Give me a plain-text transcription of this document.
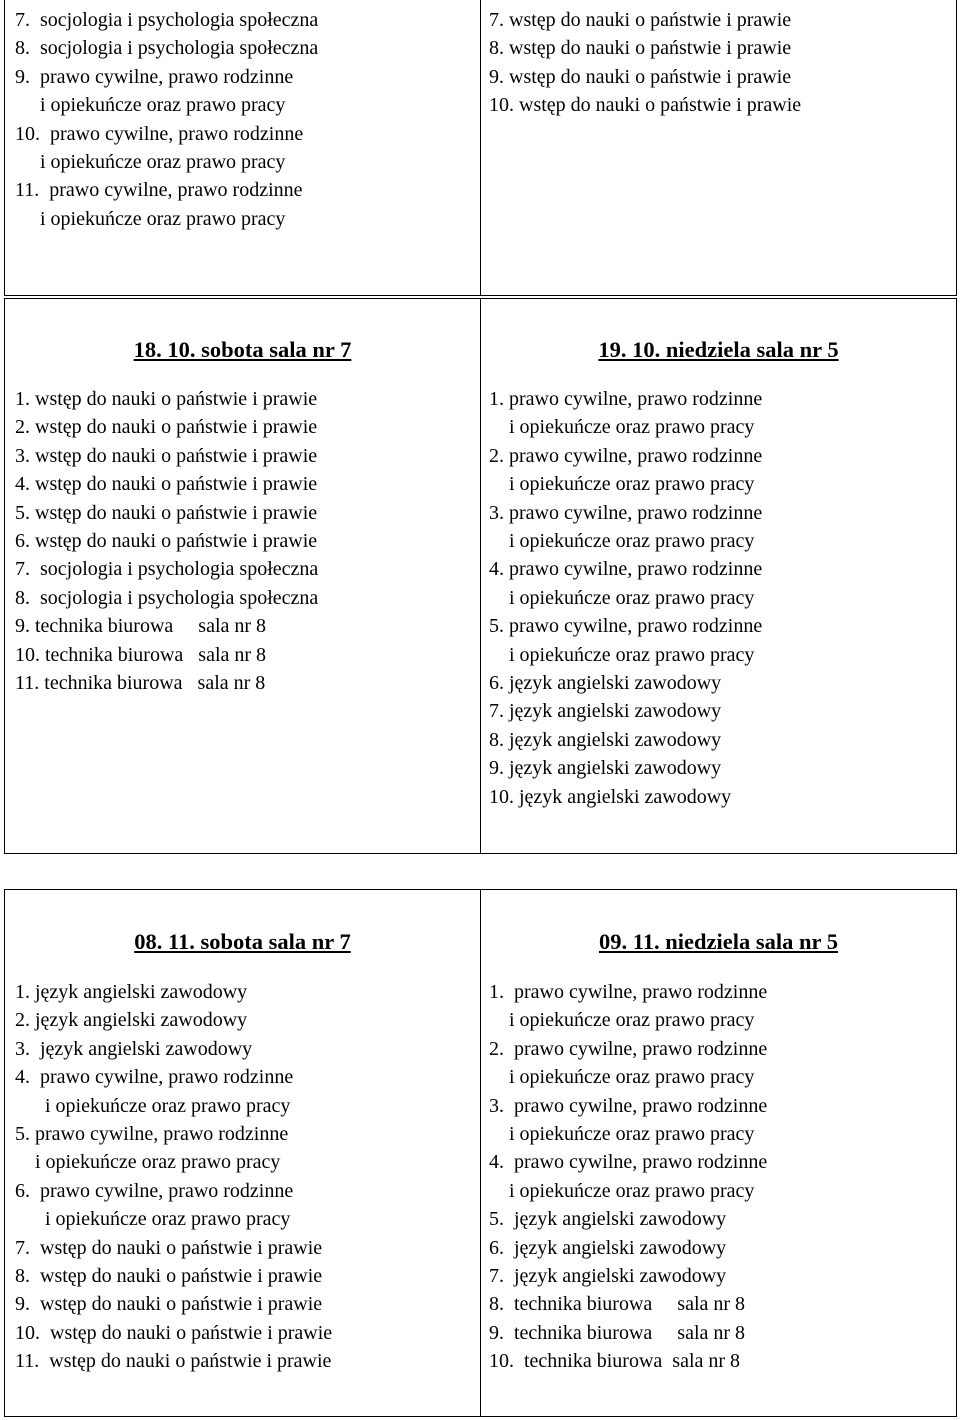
7.  socjologia i psychologia społeczna
8.  socjologia i psychologia społeczna
9.  prawo cywilne, prawo rodzinne
i opiekuńcze oraz prawo pracy
10.  prawo cywilne, prawo rodzinne
i opiekuńcze oraz prawo pracy
11.  prawo cywilne, prawo rodzinne
i opiekuńcze oraz prawo pracy

7. wstęp do nauki o państwie i prawie
8. wstęp do nauki o państwie i prawie
9. wstęp do nauki o państwie i prawie
10. wstęp do nauki o państwie i prawie

18. 10. sobota sala nr 7

1. wstęp do nauki o państwie i prawie
2. wstęp do nauki o państwie i prawie
3. wstęp do nauki o państwie i prawie
4. wstęp do nauki o państwie i prawie
5. wstęp do nauki o państwie i prawie
6. wstęp do nauki o państwie i prawie
7.  socjologia i psychologia społeczna
8.  socjologia i psychologia społeczna
9. technika biurowa     sala nr 8
10. technika biurowa   sala nr 8
11. technika biurowa   sala nr 8

19. 10. niedziela sala nr 5

1. prawo cywilne, prawo rodzinne
i opiekuńcze oraz prawo pracy
2. prawo cywilne, prawo rodzinne
i opiekuńcze oraz prawo pracy
3. prawo cywilne, prawo rodzinne
i opiekuńcze oraz prawo pracy
4. prawo cywilne, prawo rodzinne
i opiekuńcze oraz prawo pracy
5. prawo cywilne, prawo rodzinne
i opiekuńcze oraz prawo pracy
6. język angielski zawodowy
7. język angielski zawodowy
8. język angielski zawodowy
9. język angielski zawodowy
10. język angielski zawodowy

08. 11. sobota sala nr 7

1. język angielski zawodowy
2. język angielski zawodowy
3.  język angielski zawodowy
4.  prawo cywilne, prawo rodzinne
i opiekuńcze oraz prawo pracy
5. prawo cywilne, prawo rodzinne
i opiekuńcze oraz prawo pracy
6.  prawo cywilne, prawo rodzinne
i opiekuńcze oraz prawo pracy
7.  wstęp do nauki o państwie i prawie
8.  wstęp do nauki o państwie i prawie
9.  wstęp do nauki o państwie i prawie
10.  wstęp do nauki o państwie i prawie
11.  wstęp do nauki o państwie i prawie

09. 11. niedziela sala nr 5

1.  prawo cywilne, prawo rodzinne
i opiekuńcze oraz prawo pracy
2.  prawo cywilne, prawo rodzinne
i opiekuńcze oraz prawo pracy
3.  prawo cywilne, prawo rodzinne
i opiekuńcze oraz prawo pracy
4.  prawo cywilne, prawo rodzinne
i opiekuńcze oraz prawo pracy
5.  język angielski zawodowy
6.  język angielski zawodowy
7.  język angielski zawodowy
8.  technika biurowa     sala nr 8
9.  technika biurowa     sala nr 8
10.  technika biurowa  sala nr 8
